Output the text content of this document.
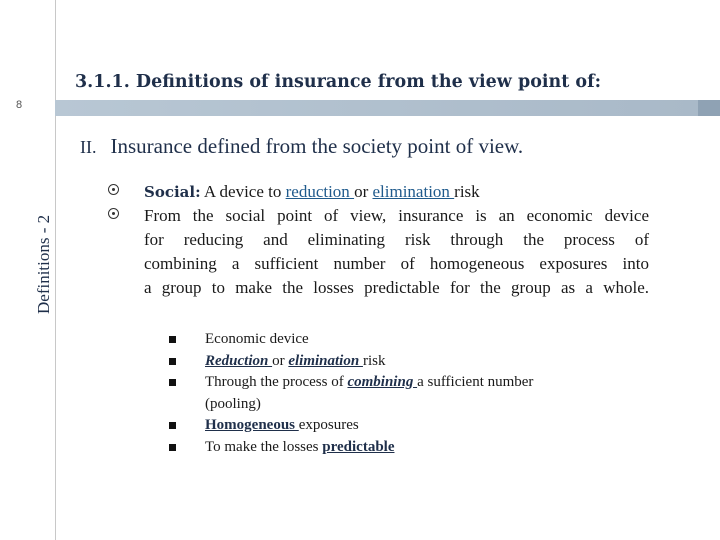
8
3.1.1. Definitions of insurance from the view point of:
Definitions - 2
II. Insurance defined from the society point of view.
Social: A device to reduction or elimination risk
From the social point of view, insurance is an economic device
for reducing and eliminating risk through the process of
combining a sufficient number of homogeneous exposures into
a group to make the losses predictable for the group as a whole.
Economic device
Reduction or elimination risk
Through the process of combining a sufficient number
(pooling)
Homogeneous exposures
To make the losses predictable
